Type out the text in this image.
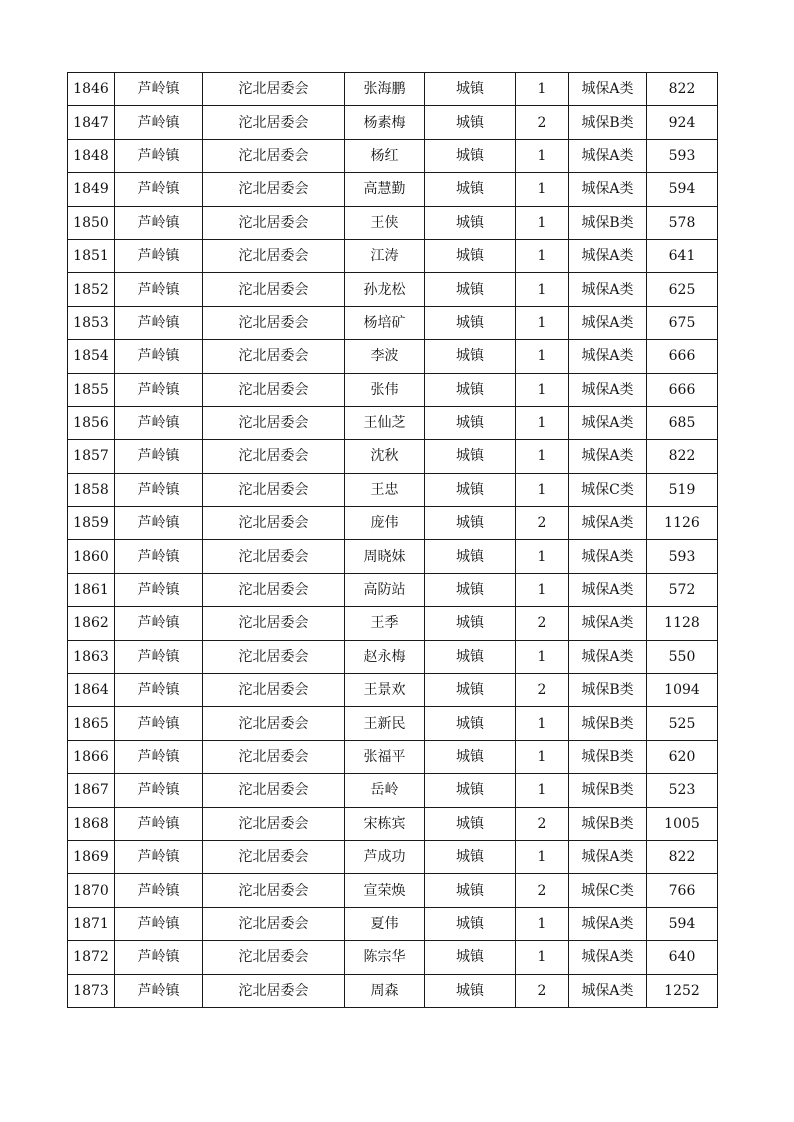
1846	芦岭镇	沱北居委会	张海鹏	城镇	1	城保A类	822
1847	芦岭镇	沱北居委会	杨素梅	城镇	2	城保B类	924
1848	芦岭镇	沱北居委会	杨红	城镇	1	城保A类	593
1849	芦岭镇	沱北居委会	高慧勤	城镇	1	城保A类	594
1850	芦岭镇	沱北居委会	王侠	城镇	1	城保B类	578
1851	芦岭镇	沱北居委会	江涛	城镇	1	城保A类	641
1852	芦岭镇	沱北居委会	孙龙松	城镇	1	城保A类	625
1853	芦岭镇	沱北居委会	杨培矿	城镇	1	城保A类	675
1854	芦岭镇	沱北居委会	李波	城镇	1	城保A类	666
1855	芦岭镇	沱北居委会	张伟	城镇	1	城保A类	666
1856	芦岭镇	沱北居委会	王仙芝	城镇	1	城保A类	685
1857	芦岭镇	沱北居委会	沈秋	城镇	1	城保A类	822
1858	芦岭镇	沱北居委会	王忠	城镇	1	城保C类	519
1859	芦岭镇	沱北居委会	庞伟	城镇	2	城保A类	1126
1860	芦岭镇	沱北居委会	周晓妹	城镇	1	城保A类	593
1861	芦岭镇	沱北居委会	高防站	城镇	1	城保A类	572
1862	芦岭镇	沱北居委会	王季	城镇	2	城保A类	1128
1863	芦岭镇	沱北居委会	赵永梅	城镇	1	城保A类	550
1864	芦岭镇	沱北居委会	王景欢	城镇	2	城保B类	1094
1865	芦岭镇	沱北居委会	王新民	城镇	1	城保B类	525
1866	芦岭镇	沱北居委会	张福平	城镇	1	城保B类	620
1867	芦岭镇	沱北居委会	岳岭	城镇	1	城保B类	523
1868	芦岭镇	沱北居委会	宋栋宾	城镇	2	城保B类	1005
1869	芦岭镇	沱北居委会	芦成功	城镇	1	城保A类	822
1870	芦岭镇	沱北居委会	宣荣焕	城镇	2	城保C类	766
1871	芦岭镇	沱北居委会	夏伟	城镇	1	城保A类	594
1872	芦岭镇	沱北居委会	陈宗华	城镇	1	城保A类	640
1873	芦岭镇	沱北居委会	周森	城镇	2	城保A类	1252
